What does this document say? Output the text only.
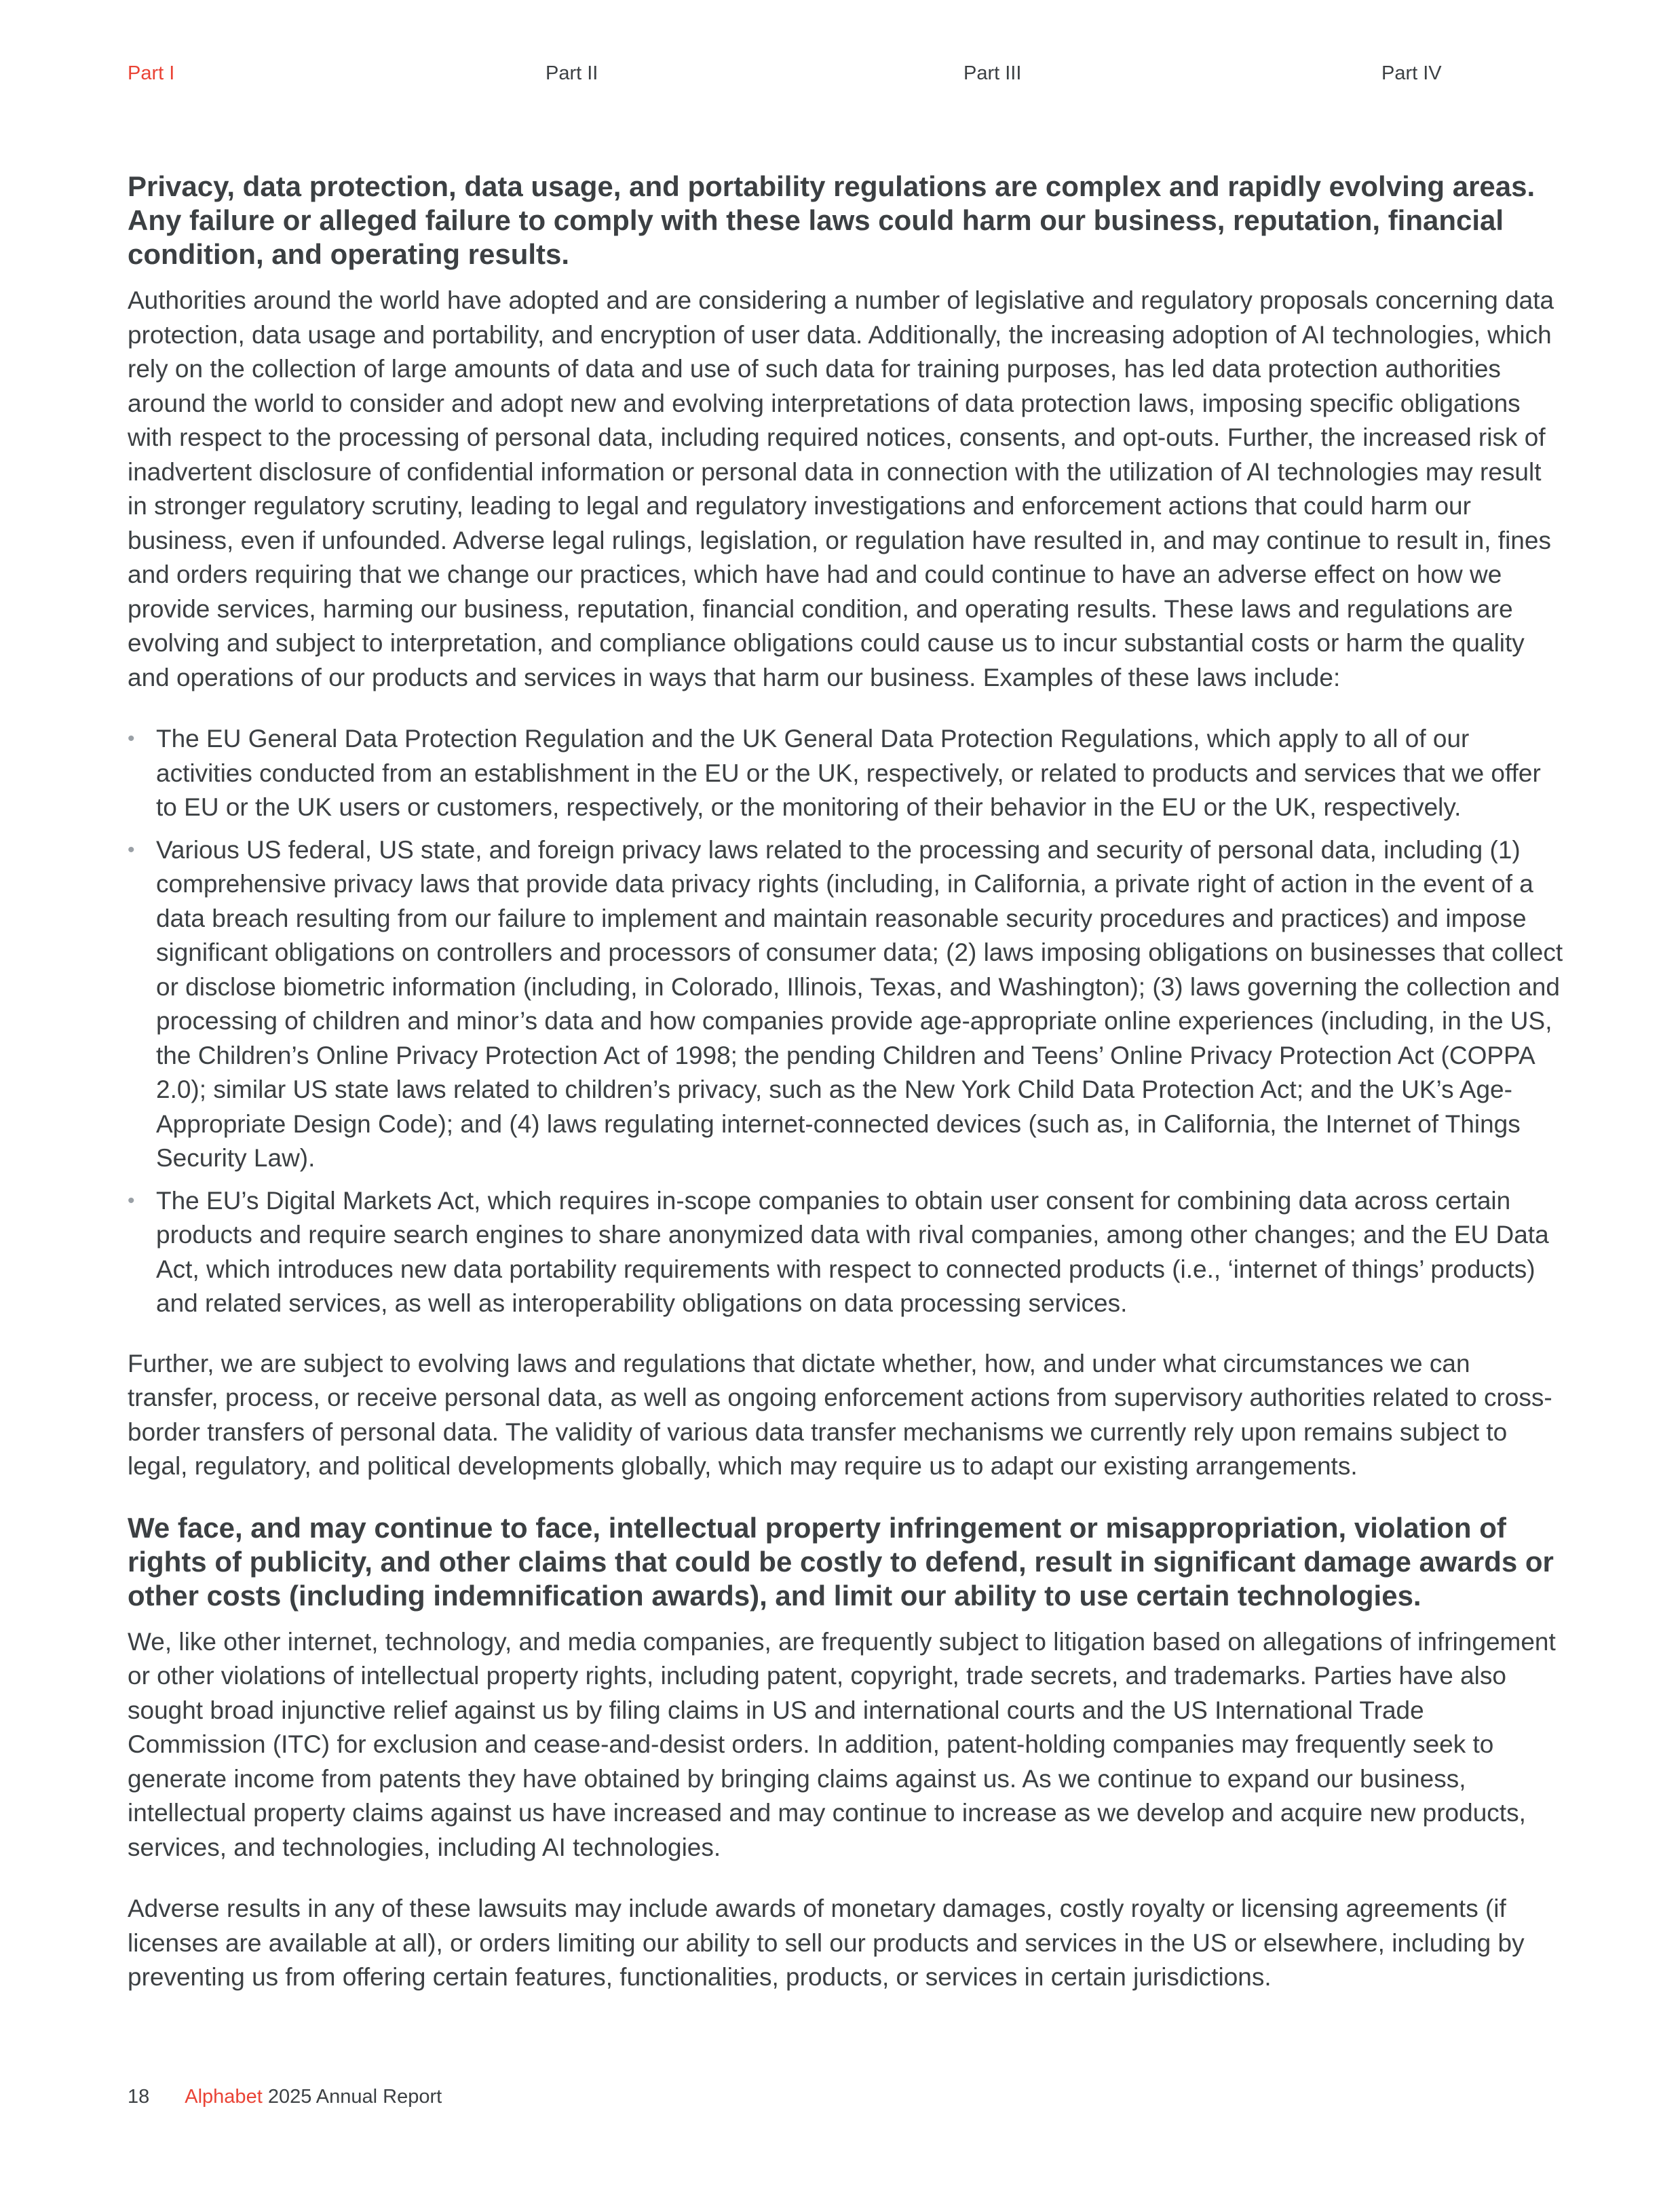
Part I	Part II	Part III	Part IV
Privacy, data protection, data usage, and portability regulations are complex and rapidly evolving areas. Any failure or alleged failure to comply with these laws could harm our business, reputation, financial condition, and operating results.

Authorities around the world have adopted and are considering a number of legislative and regulatory proposals concerning data protection, data usage and portability, and encryption of user data. Additionally, the increasing adoption of AI technologies, which rely on the collection of large amounts of data and use of such data for training purposes, has led data protection authorities around the world to consider and adopt new and evolving interpretations of data protection laws, imposing specific obligations with respect to the processing of personal data, including required notices, consents, and opt-outs. Further, the increased risk of inadvertent disclosure of confidential information or personal data in connection with the utilization of AI technologies may result in stronger regulatory scrutiny, leading to legal and regulatory investigations and enforcement actions that could harm our business, even if unfounded. Adverse legal rulings, legislation, or regulation have resulted in, and may continue to result in, fines and orders requiring that we change our practices, which have had and could continue to have an adverse effect on how we provide services, harming our business, reputation, financial condition, and operating results. These laws and regulations are evolving and subject to interpretation, and compliance obligations could cause us to incur substantial costs or harm the quality and operations of our products and services in ways that harm our business. Examples of these laws include:

• The EU General Data Protection Regulation and the UK General Data Protection Regulations, which apply to all of our activities conducted from an establishment in the EU or the UK, respectively, or related to products and services that we offer to EU or the UK users or customers, respectively, or the monitoring of their behavior in the EU or the UK, respectively.
• Various US federal, US state, and foreign privacy laws related to the processing and security of personal data, including (1) comprehensive privacy laws that provide data privacy rights (including, in California, a private right of action in the event of a data breach resulting from our failure to implement and maintain reasonable security procedures and practices) and impose significant obligations on controllers and processors of consumer data; (2) laws imposing obligations on businesses that collect or disclose biometric information (including, in Colorado, Illinois, Texas, and Washington); (3) laws governing the collection and processing of children and minor’s data and how companies provide age-appropriate online experiences (including, in the US, the Children’s Online Privacy Protection Act of 1998; the pending Children and Teens’ Online Privacy Protection Act (COPPA 2.0); similar US state laws related to children’s privacy, such as the New York Child Data Protection Act; and the UK’s Age-Appropriate Design Code); and (4) laws regulating internet-connected devices (such as, in California, the Internet of Things Security Law).
• The EU’s Digital Markets Act, which requires in-scope companies to obtain user consent for combining data across certain products and require search engines to share anonymized data with rival companies, among other changes; and the EU Data Act, which introduces new data portability requirements with respect to connected products (i.e., ‘internet of things’ products) and related services, as well as interoperability obligations on data processing services.

Further, we are subject to evolving laws and regulations that dictate whether, how, and under what circumstances we can transfer, process, or receive personal data, as well as ongoing enforcement actions from supervisory authorities related to cross-border transfers of personal data. The validity of various data transfer mechanisms we currently rely upon remains subject to legal, regulatory, and political developments globally, which may require us to adapt our existing arrangements.

We face, and may continue to face, intellectual property infringement or misappropriation, violation of rights of publicity, and other claims that could be costly to defend, result in significant damage awards or other costs (including indemnification awards), and limit our ability to use certain technologies.

We, like other internet, technology, and media companies, are frequently subject to litigation based on allegations of infringement or other violations of intellectual property rights, including patent, copyright, trade secrets, and trademarks. Parties have also sought broad injunctive relief against us by filing claims in US and international courts and the US International Trade Commission (ITC) for exclusion and cease-and-desist orders. In addition, patent-holding companies may frequently seek to generate income from patents they have obtained by bringing claims against us. As we continue to expand our business, intellectual property claims against us have increased and may continue to increase as we develop and acquire new products, services, and technologies, including AI technologies.

Adverse results in any of these lawsuits may include awards of monetary damages, costly royalty or licensing agreements (if licenses are available at all), or orders limiting our ability to sell our products and services in the US or elsewhere, including by preventing us from offering certain features, functionalities, products, or services in certain jurisdictions.

18 Alphabet 2025 Annual Report
